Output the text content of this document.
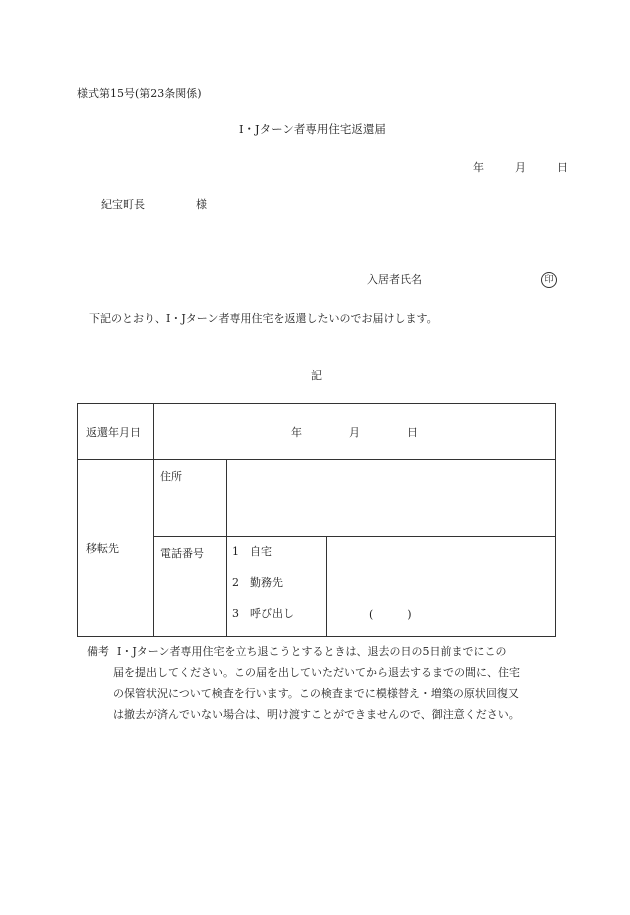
様式第15号(第23条関係)
I・Jターン者専用住宅返還届
年	月	日
紀宝町長	様
入居者氏名	印
下記のとおり、I・Jターン者専用住宅を返還したいのでお届けします。
記
返還年月日	年 月 日		
移転先	住所		
	電話番号	1 自宅
2 勤務先
3 呼び出し	( )
備考 I・Jターン者専用住宅を立ち退こうとするときは、退去の日の5日前までにこの
届を提出してください。この届を出していただいてから退去するまでの間に、住宅
の保管状況について検査を行います。この検査までに模様替え・増築の原状回復又
は撤去が済んでいない場合は、明け渡すことができませんので、御注意ください。
